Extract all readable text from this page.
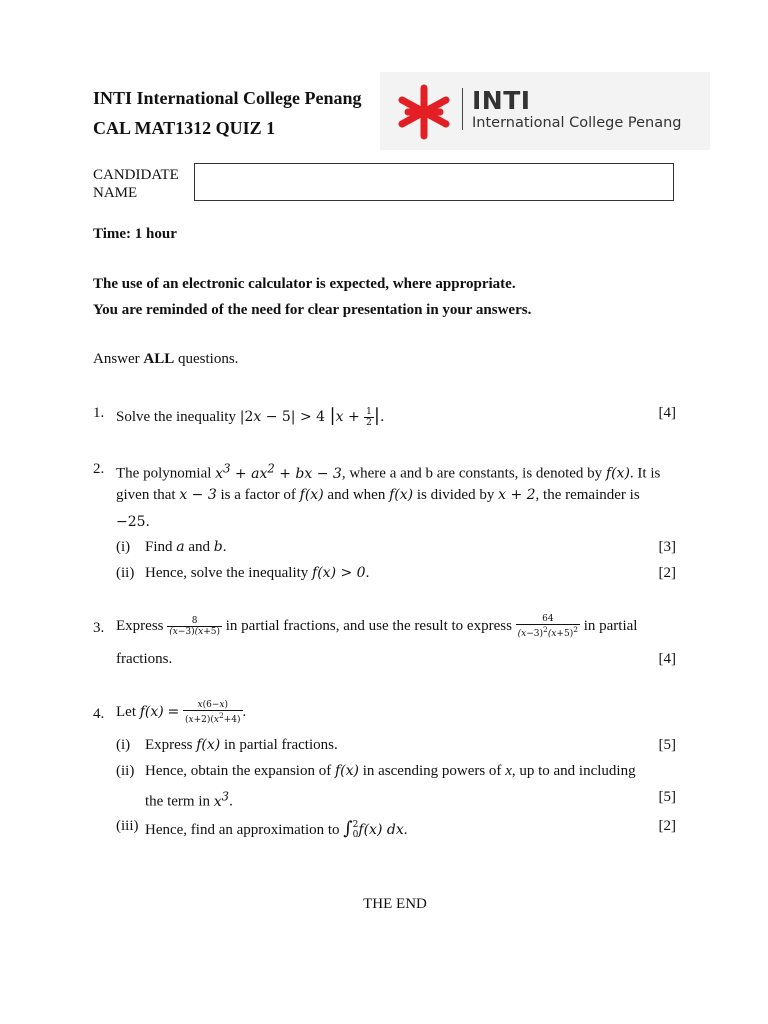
INTI International College Penang
CAL MAT1312 QUIZ 1
INTI
International College Penang
CANDIDATE
NAME
Time: 1 hour
The use of an electronic calculator is expected, where appropriate.
You are reminded of the need for clear presentation in your answers.
Answer ALL questions.
1. Solve the inequality |2x − 5| > 4 $|x + \frac{1}{2}$ |.	[4]
2. The polynomial $x^3 + ax^2$ + bx − 3, where a and b are constants, is denoted by f(x). It is
given that x − 3 is a factor of f(x) and when f(x) is divided by x + 2, the remainder is
−25.
(i) Find a and b.	[3]
(ii) Hence, solve the inequality f(x) > 0.	[2]
3. Express $\frac{8}{(x-3)(x+5)}$ in partial fractions, and use the result to express $\frac{64}{(x-3)^2(x+5)^2}$ in partial
fractions.	[4]
4. Let $f(x) = \frac{x(6-x)}{(x+2)(x^2+4)}$ .
(i) Express f(x) in partial fractions.	[5]
(ii) Hence, obtain the expansion of f(x) in ascending powers of x, up to and including
the term in $x^3$.	[5]
(iii) Hence, find an approximation to ∫2
0f(x) dx.	[2]
THE END
